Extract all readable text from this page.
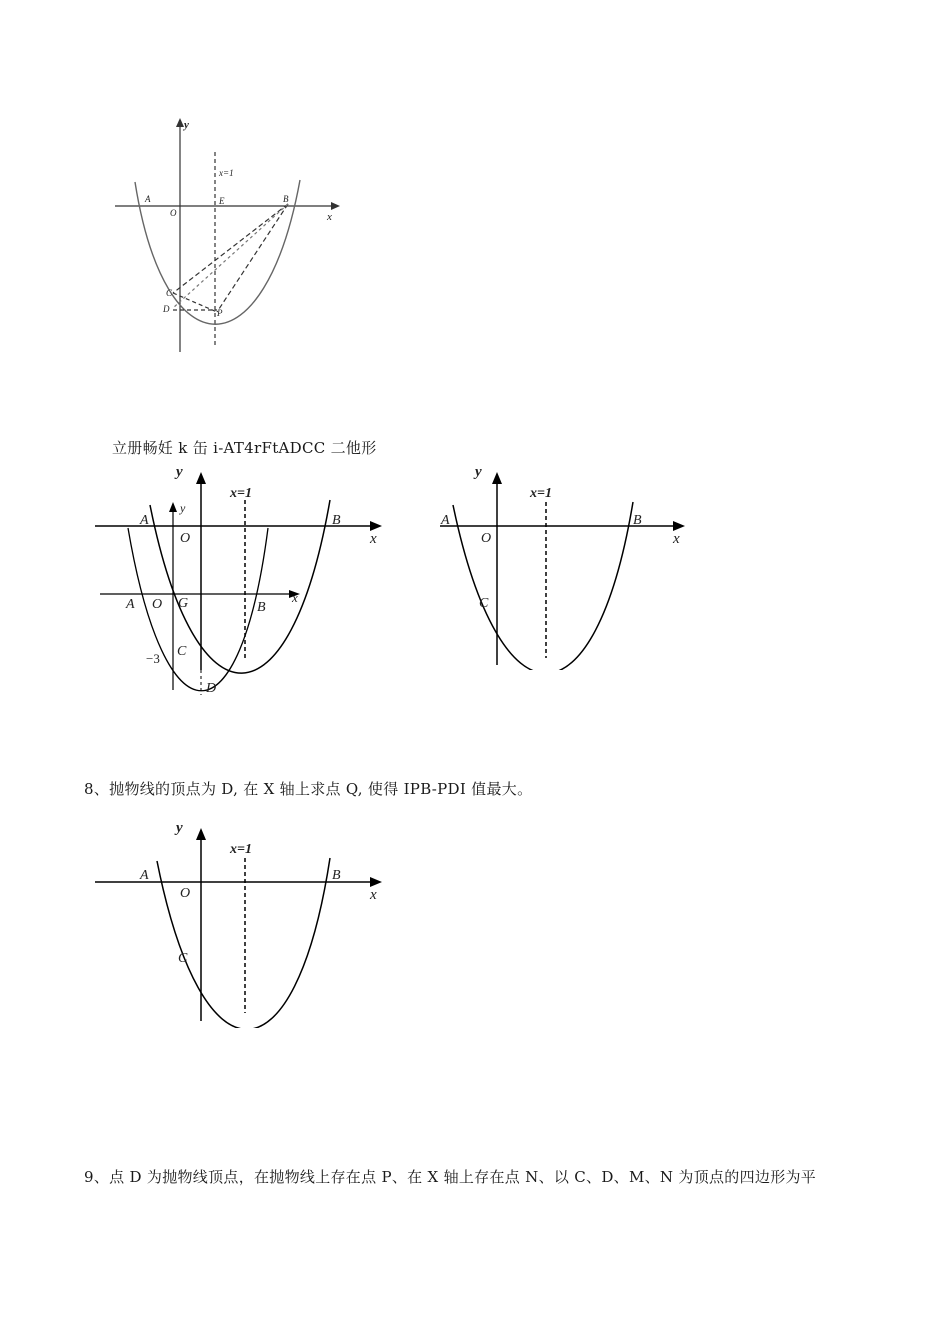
y
x
x=1
A
O
E	B
C
D	P
立册畅妊 k 缶 i-AT4rFtADCC 二他形
y
x=1
A
O
B
x
y
A O G	B
x
C
−3
D
y
x=1
A
O
B
x
C
8、抛物线的顶点为 D, 在 X 轴上求点 Q, 使得 IPB-PDI 值最大。
y
x=1
A
O
B
x
C
9、点 D 为抛物线顶点，在抛物线上存在点 P、在 X 轴上存在点 N、以 C、D、M、N 为顶点的四边形为平
